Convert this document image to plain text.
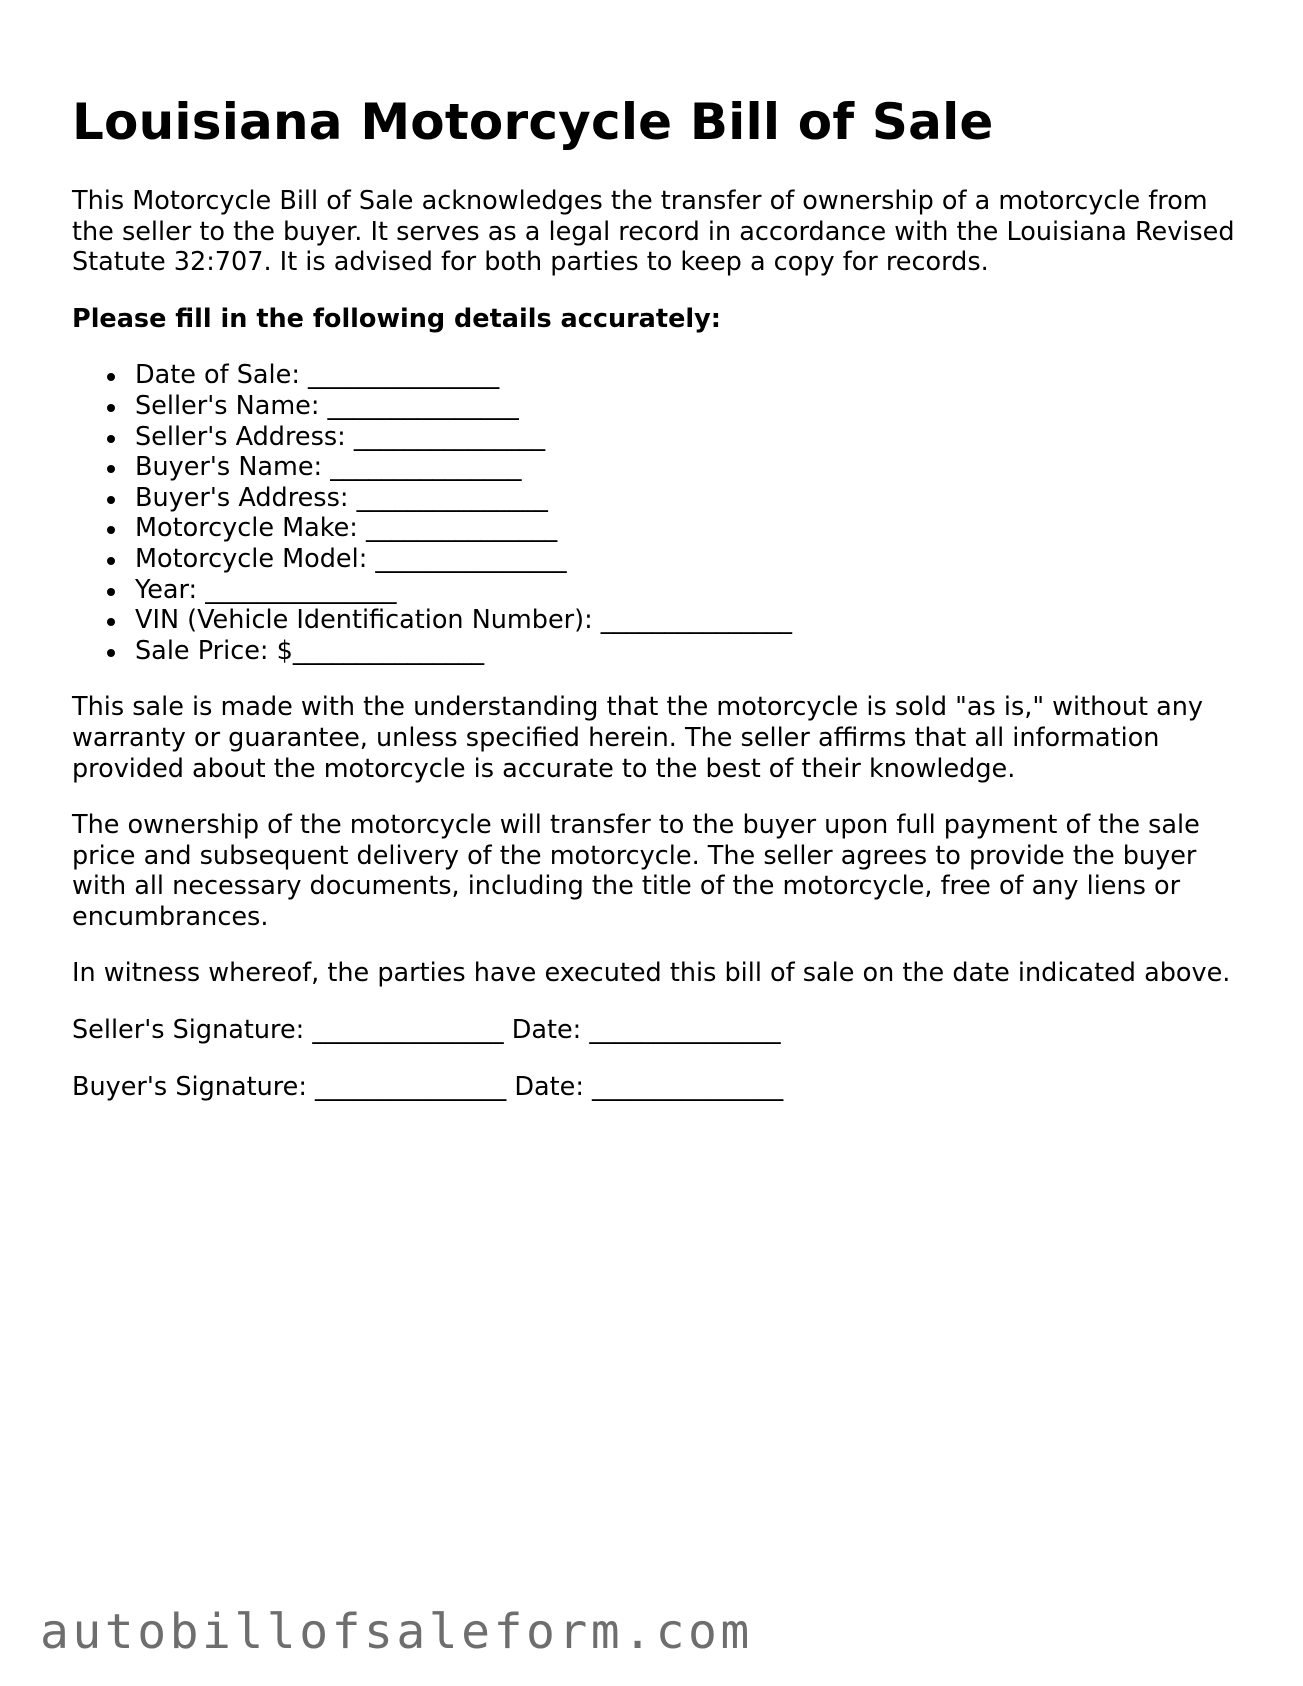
Louisiana Motorcycle Bill of Sale

This Motorcycle Bill of Sale acknowledges the transfer of ownership of a motorcycle from the seller to the buyer. It serves as a legal record in accordance with the Louisiana Revised Statute 32:707. It is advised for both parties to keep a copy for records.

Please fill in the following details accurately:

Date of Sale: _______________
Seller's Name: _______________
Seller's Address: _______________
Buyer's Name: _______________
Buyer's Address: _______________
Motorcycle Make: _______________
Motorcycle Model: _______________
Year: _______________
VIN (Vehicle Identification Number): _______________
Sale Price: $_______________

This sale is made with the understanding that the motorcycle is sold "as is," without any warranty or guarantee, unless specified herein. The seller affirms that all information provided about the motorcycle is accurate to the best of their knowledge.

The ownership of the motorcycle will transfer to the buyer upon full payment of the sale price and subsequent delivery of the motorcycle. The seller agrees to provide the buyer with all necessary documents, including the title of the motorcycle, free of any liens or encumbrances.

In witness whereof, the parties have executed this bill of sale on the date indicated above.

Seller's Signature: _______________ Date: _______________

Buyer's Signature: _______________ Date: _______________

autobillofsaleform.com
